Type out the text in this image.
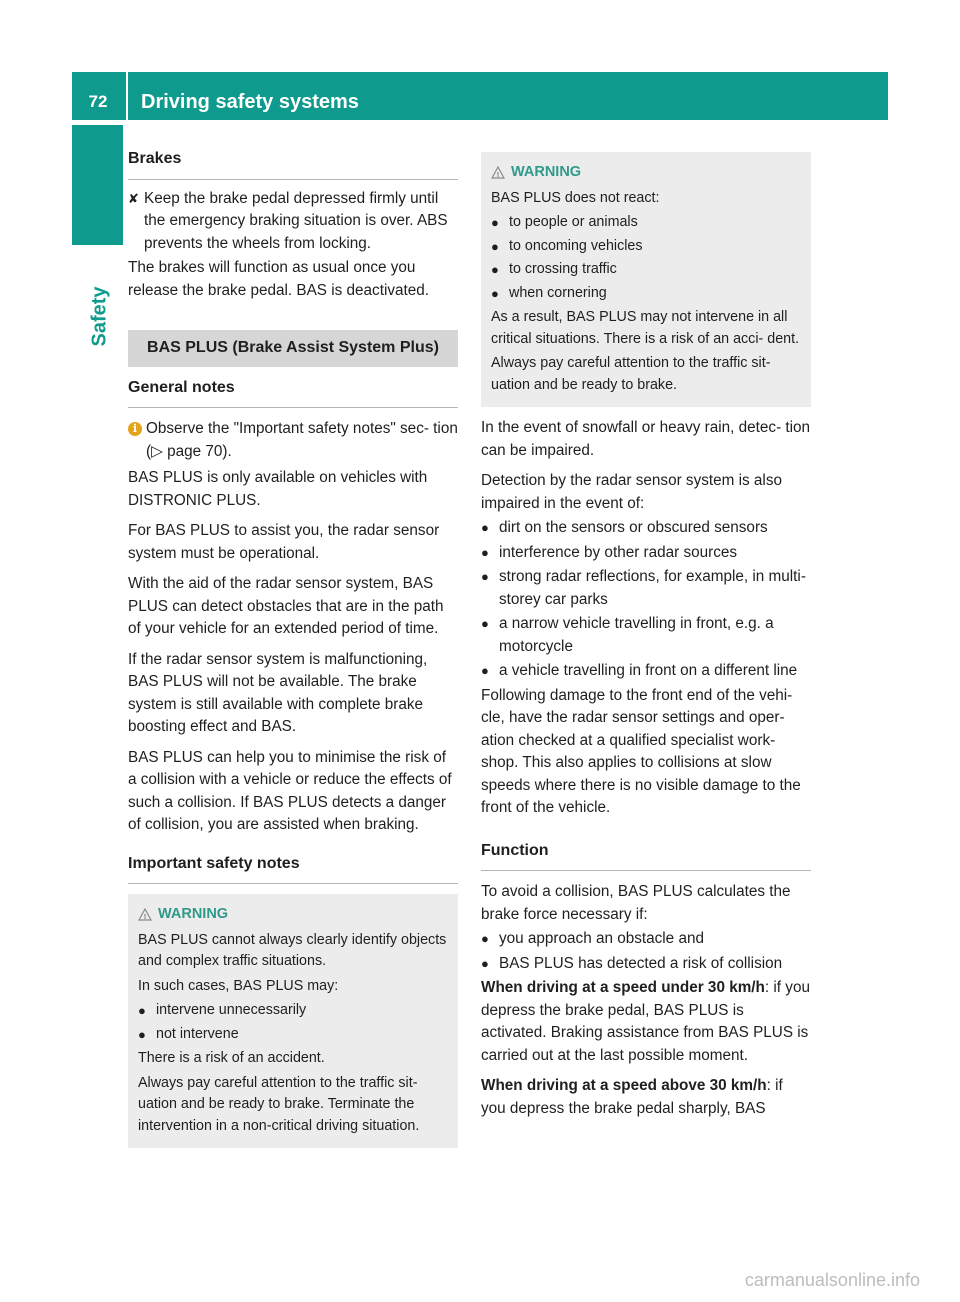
72	Driving safety systems
Safety
Brakes
✘ Keep the brake pedal depressed firmly until the emergency braking situation is over. ABS prevents the wheels from locking.

The brakes will function as usual once you release the brake pedal. BAS is deactivated.

BAS PLUS (Brake Assist System Plus)
General notes
i Observe the "Important safety notes" sec- tion (▷ page 70).

BAS PLUS is only available on vehicles with DISTRONIC PLUS.

For BAS PLUS to assist you, the radar sensor system must be operational.

With the aid of the radar sensor system, BAS PLUS can detect obstacles that are in the path of your vehicle for an extended period of time.

If the radar sensor system is malfunctioning, BAS PLUS will not be available. The brake system is still available with complete brake boosting effect and BAS.

BAS PLUS can help you to minimise the risk of a collision with a vehicle or reduce the effects of such a collision. If BAS PLUS detects a danger of collision, you are assisted when braking.

Important safety notes
! WARNING

BAS PLUS cannot always clearly identify objects and complex traffic situations.

In such cases, BAS PLUS may:

● intervene unnecessarily
● not intervene

There is a risk of an accident.

Always pay careful attention to the traffic sit- uation and be ready to brake. Terminate the intervention in a non-critical driving situation.

! WARNING

BAS PLUS does not react:

● to people or animals
● to oncoming vehicles
● to crossing traffic
● when cornering

As a result, BAS PLUS may not intervene in all critical situations. There is a risk of an acci- dent.

Always pay careful attention to the traffic sit- uation and be ready to brake.

In the event of snowfall or heavy rain, detec- tion can be impaired.

Detection by the radar sensor system is also impaired in the event of:

● dirt on the sensors or obscured sensors
● interference by other radar sources
● strong radar reflections, for example, in multi-storey car parks
● a narrow vehicle travelling in front, e.g. a motorcycle
● a vehicle travelling in front on a different line

Following damage to the front end of the vehi- cle, have the radar sensor settings and oper- ation checked at a qualified specialist work- shop. This also applies to collisions at slow speeds where there is no visible damage to the front of the vehicle.

Function

To avoid a collision, BAS PLUS calculates the brake force necessary if:

● you approach an obstacle and
● BAS PLUS has detected a risk of collision

When driving at a speed under 30 km/h: if you depress the brake pedal, BAS PLUS is activated. Braking assistance from BAS PLUS is carried out at the last possible moment.

When driving at a speed above 30 km/h: if you depress the brake pedal sharply, BAS

carmanualsonline.info
